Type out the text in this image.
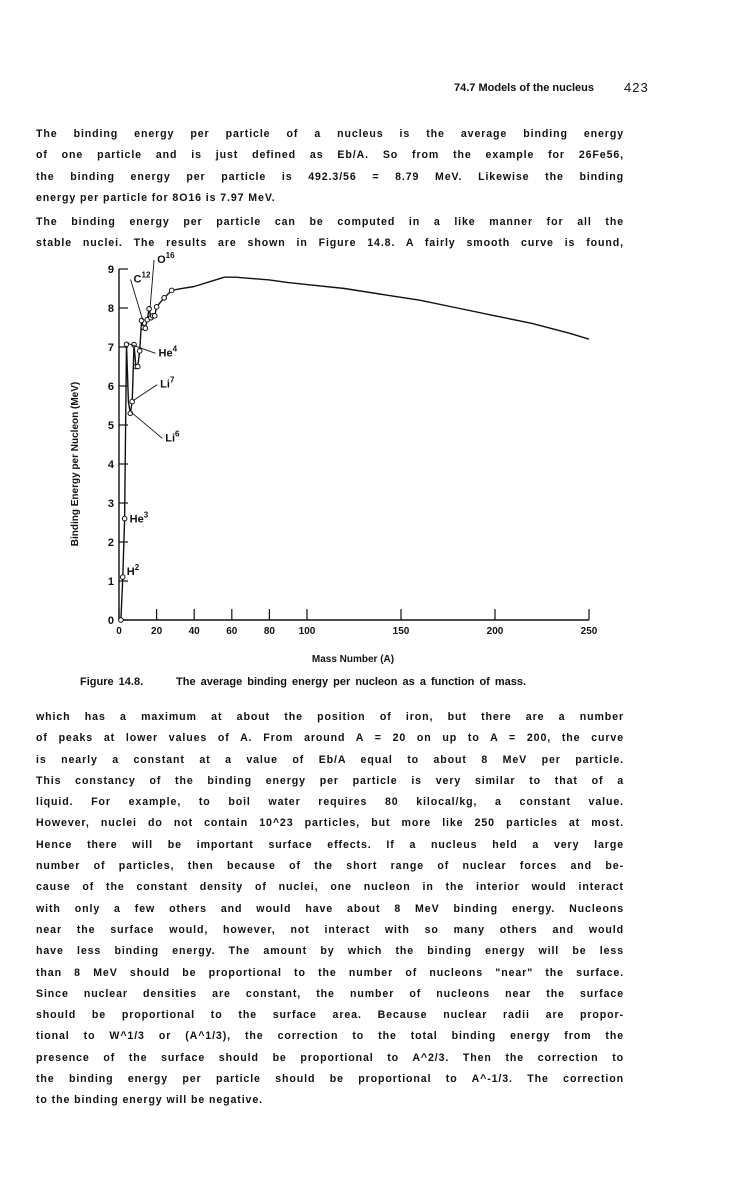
74.7 Models of the nucleus 423
The binding energy per particle of a nucleus is the average binding energy
of one particle and is just defined as Eb/A. So from the example for 26Fe56,
the binding energy per particle is 492.3/56 = 8.79 MeV. Likewise the binding
energy per particle for 8O16 is 7.97 MeV.
The binding energy per particle can be computed in a like manner for all the
stable nuclei. The results are shown in Figure 14.8. A fairly smooth curve is found,
0
1
2
3
4
5
6
7
8
9
0	20	40	60	80 100	150	200	250
$H^2$
He$^3$
He$^4$
Li$^6$
Li$^7$
$C^{12}$
$O^{16}$
Mass Number (A)
Binding Energy per Nucleon (MeV)
Figure 14.8.	The average binding energy per nucleon as a function of mass.
which has a maximum at about the position of iron, but there are a number
of peaks at lower values of A. From around A = 20 on up to A = 200, the curve
is nearly a constant at a value of Eb/A equal to about 8 MeV per particle.
This constancy of the binding energy per particle is very similar to that of a
liquid. For example, to boil water requires 80 kilocal/kg, a constant value.
However, nuclei do not contain 10^23 particles, but more like 250 particles at most.
Hence there will be important surface effects. If a nucleus held a very large
number of particles, then because of the short range of nuclear forces and be-
cause of the constant density of nuclei, one nucleon in the interior would interact
with only a few others and would have about 8 MeV binding energy. Nucleons
near the surface would, however, not interact with so many others and would
have less binding energy. The amount by which the binding energy will be less
than 8 MeV should be proportional to the number of nucleons "near" the surface.
Since nuclear densities are constant, the number of nucleons near the surface
should be proportional to the surface area. Because nuclear radii are propor-
tional to W^1/3 or (A^1/3), the correction to the total binding energy from the
presence of the surface should be proportional to A^2/3. Then the correction to
the binding energy per particle should be proportional to A^-1/3. The correction
to the binding energy will be negative.
